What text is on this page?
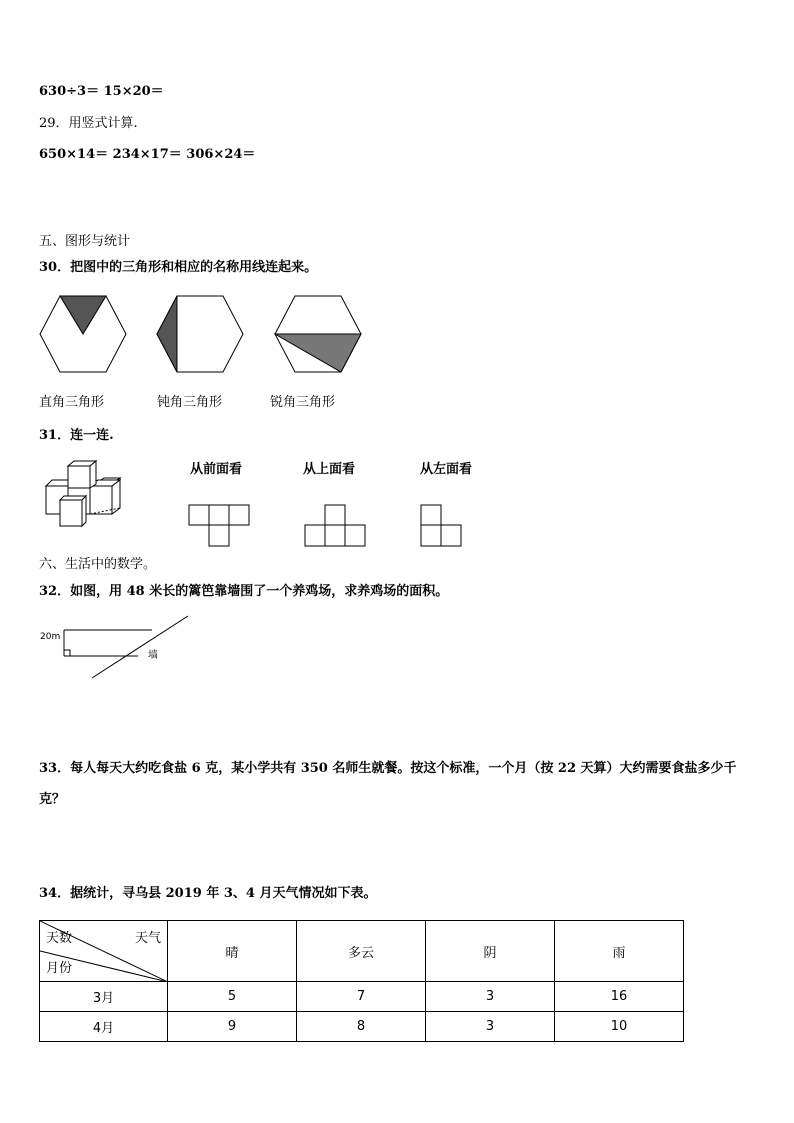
630÷3＝ 15×20＝
29．用竖式计算.
650×14＝ 234×17＝ 306×24＝
五、图形与统计
30．把图中的三角形和相应的名称用线连起来。
直角三角形	钝角三角形	锐角三角形
31．连一连.
从前面看	从上面看	从左面看
六、生活中的数学。
32．如图，用 48 米长的篱笆靠墙围了一个养鸡场，求养鸡场的面积。
20m
墙
33．每人每天大约吃食盐 6 克，某小学共有 350 名师生就餐。按这个标准，一个月（按 22 天算）大约需要食盐多少千
克？
34．据统计，寻乌县 2019 年 3、4 月天气情况如下表。
天数 天气
月份	晴	多云	阴	雨
3月	5	7	3	16
4月	9	8	3	10
